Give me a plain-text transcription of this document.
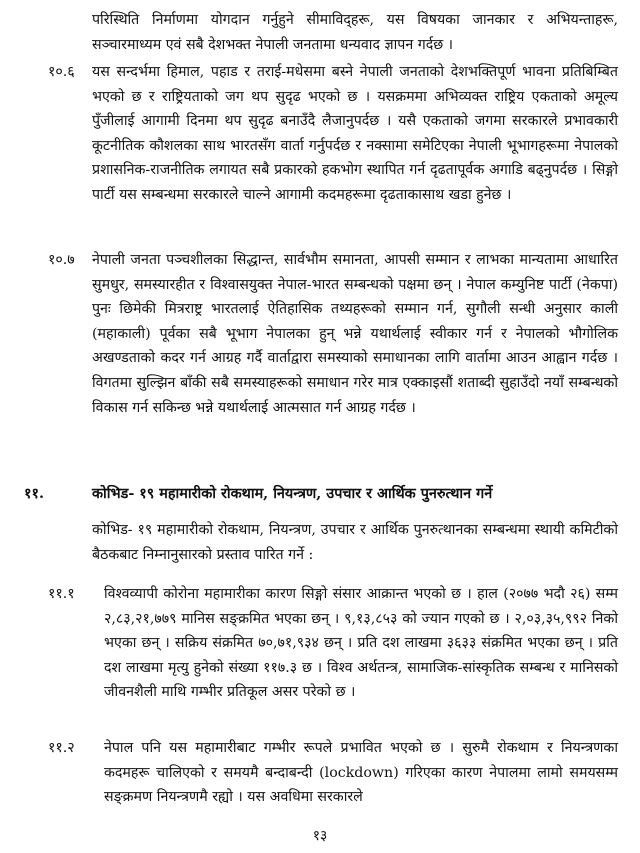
परिस्थिति निर्माणमा योगदान गर्नुहुने सीमाविद्हरू, यस विषयका जानकार र अभियन्ताहरू, सञ्चारमाध्यम एवं सबै देशभक्त नेपाली जनतामा धन्यवाद ज्ञापन गर्दछ ।

१०.६ यस सन्दर्भमा हिमाल, पहाड र तराई-मधेसमा बस्ने नेपाली जनताको देशभक्तिपूर्ण भावना प्रतिबिम्बित भएको छ र राष्ट्रियताको जग थप सुदृढ भएको छ । यसक्रममा अभिव्यक्त राष्ट्रिय एकताको अमूल्य पुँजीलाई आगामी दिनमा थप सुदृढ बनाउँदै लैजानुपर्दछ । यसै एकताको जगमा सरकारले प्रभावकारी कूटनीतिक कौशलका साथ भारतसँग वार्ता गर्नुपर्दछ र नक्सामा समेटिएका नेपाली भूभागहरूमा नेपालको प्रशासनिक-राजनीतिक लगायत सबै प्रकारको हकभोग स्थापित गर्न दृढतापूर्वक अगाडि बढ्नुपर्दछ । सिङ्गो पार्टी यस सम्बन्धमा सरकारले चाल्ने आगामी कदमहरूमा दृढताकासाथ खडा हुनेछ ।

१०.७ नेपाली जनता पञ्चशीलका सिद्धान्त, सार्वभौम समानता, आपसी सम्मान र लाभका मान्यतामा आधारित सुमधुर, समस्यारहीत र विश्वासयुक्त नेपाल-भारत सम्बन्धको पक्षमा छन् । नेपाल कम्युनिष्ट पार्टी (नेकपा) पुनः छिमेकी मित्रराष्ट्र भारतलाई ऐतिहासिक तथ्यहरूको सम्मान गर्न, सुगौली सन्धी अनुसार काली (महाकाली) पूर्वका सबै भूभाग नेपालका हुन् भन्ने यथार्थलाई स्वीकार गर्न र नेपालको भौगोलिक अखण्डताको कदर गर्न आग्रह गर्दै वार्ताद्वारा समस्याको समाधानका लागि वार्तामा आउन आह्वान गर्दछ । विगतमा सुल्झिन बाँकी सबै समस्याहरूको समाधान गरेर मात्र एक्काइसौं शताब्दी सुहाउँदो नयाँ सम्बन्धको विकास गर्न सकिन्छ भन्ने यथार्थलाई आत्मसात गर्न आग्रह गर्दछ ।

११.	कोभिड- १९ महामारीको रोकथाम, नियन्त्रण, उपचार र आर्थिक पुनरुत्थान गर्ने

कोभिड- १९ महामारीको रोकथाम, नियन्त्रण, उपचार र आर्थिक पुनरुत्थानका सम्बन्धमा स्थायी कमिटीको बैठकबाट निम्नानुसारको प्रस्ताव पारित गर्ने :

११.१ विश्वव्यापी कोरोना महामारीका कारण सिङ्गो संसार आक्रान्त भएको छ । हाल (२०७७ भदौ २६) सम्म २,८३,२१,७७९ मानिस सङ्क्रमित भएका छन् । ९,१३,८५३ को ज्यान गएको छ । २,०३,३५,९९२ निको भएका छन् । सक्रिय संक्रमित ७०,७१,९३४ छन् । प्रति दश लाखमा ३६३३ संक्रमित भएका छन् । प्रति दश लाखमा मृत्यु हुनेको संख्या ११७.३ छ । विश्व अर्थतन्त्र, सामाजिक-सांस्कृतिक सम्बन्ध र मानिसको जीवनशैली माथि गम्भीर प्रतिकूल असर परेको छ ।

११.२ नेपाल पनि यस महामारीबाट गम्भीर रूपले प्रभावित भएको छ । सुरुमै रोकथाम र नियन्त्रणका कदमहरू चालिएको र समयमै बन्दाबन्दी (lockdown) गरिएका कारण नेपालमा लामो समयसम्म सङ्क्रमण नियन्त्रणमै रह्यो । यस अवधिमा सरकारले

१३
